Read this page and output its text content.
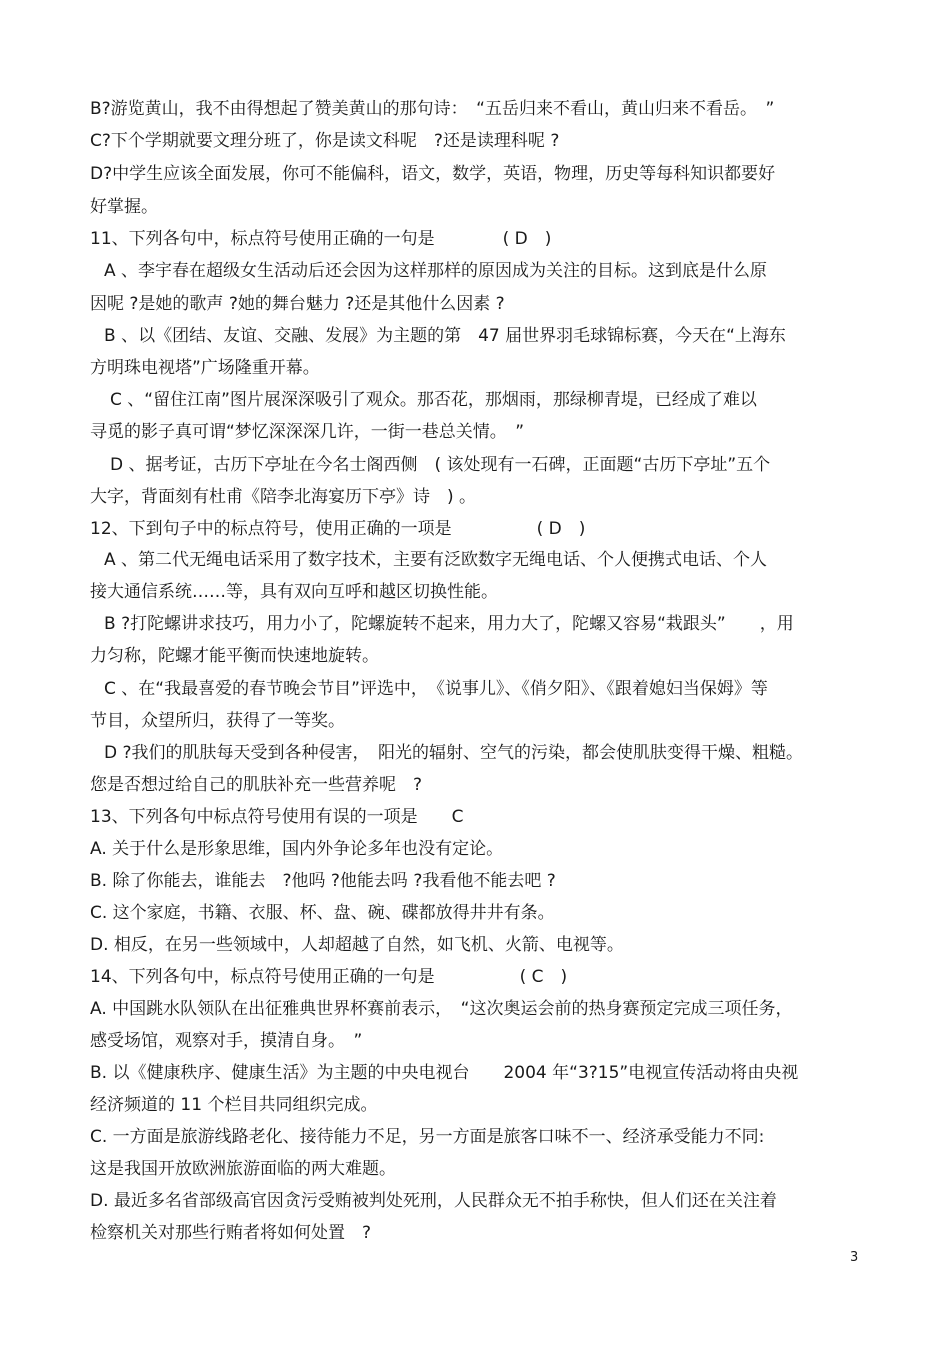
B?游览黄山，我不由得想起了赞美黄山的那句诗：　“五岳归来不看山，黄山归来不看岳。　”
C?下个学期就要文理分班了，你是读文科呢　?还是读理科呢 ?
D?中学生应该全面发展，你可不能偏科，语文，数学，英语，物理，历史等每科知识都要好
好掌握。
11、下列各句中，标点符号使用正确的一句是　　　　( D　)
A 、李宇春在超级女生活动后还会因为这样那样的原因成为关注的目标。这到底是什么原
因呢 ?是她的歌声 ?她的舞台魅力 ?还是其他什么因素 ?
B 、以《团结、友谊、交融、发展》为主题的第　47 届世界羽毛球锦标赛，今天在“上海东
方明珠电视塔”广场隆重开幕。
C 、“留住江南”图片展深深吸引了观众。那否花，那烟雨，那绿柳青堤，已经成了难以
寻觅的影子真可谓“梦忆深深深几许，一街一巷总关情。　”
D 、据考证，古历下亭址在今名士阁西侧　( 该处现有一石碑，正面题“古历下亭址”五个
大字，背面刻有杜甫《陪李北海宴历下亭》诗　) 。
12、下到句子中的标点符号，使用正确的一项是　　　　　( D　)
A 、第二代无绳电话采用了数字技术，主要有泛欧数字无绳电话、个人便携式电话、个人
接大通信系统……等，具有双向互呼和越区切换性能。
B ?打陀螺讲求技巧，用力小了，陀螺旋转不起来，用力大了，陀螺又容易“栽跟头”　　，用
力匀称，陀螺才能平衡而快速地旋转。
C 、在“我最喜爱的春节晚会节目”评选中，　《说事儿》、《俏夕阳》、《跟着媳妇当保姆》等
节目，众望所归，获得了一等奖。
D ?我们的肌肤每天受到各种侵害，　阳光的辐射、空气的污染，都会使肌肤变得干燥、粗糙。
您是否想过给自己的肌肤补充一些营养呢　?
13、下列各句中标点符号使用有误的一项是　　C
A. 关于什么是形象思维，国内外争论多年也没有定论。
B. 除了你能去，谁能去　?他吗 ?他能去吗 ?我看他不能去吧 ?
C. 这个家庭，书籍、衣服、杯、盘、碗、碟都放得井井有条。
D. 相反，在另一些领域中，人却超越了自然，如飞机、火箭、电视等。
14、下列各句中，标点符号使用正确的一句是　　　　　( C　)
A. 中国跳水队领队在出征雅典世界杯赛前表示，　“这次奥运会前的热身赛预定完成三项任务，
感受场馆，观察对手，摸清自身。　”
B. 以《健康秩序、健康生活》为主题的中央电视台　　2004 年“3?15”电视宣传活动将由央视
经济频道的 11 个栏目共同组织完成。
C. 一方面是旅游线路老化、接待能力不足，另一方面是旅客口味不一、经济承受能力不同:
这是我国开放欧洲旅游面临的两大难题。
D. 最近多名省部级高官因贪污受贿被判处死刑，人民群众无不拍手称快，但人们还在关注着
检察机关对那些行贿者将如何处置　?
3
